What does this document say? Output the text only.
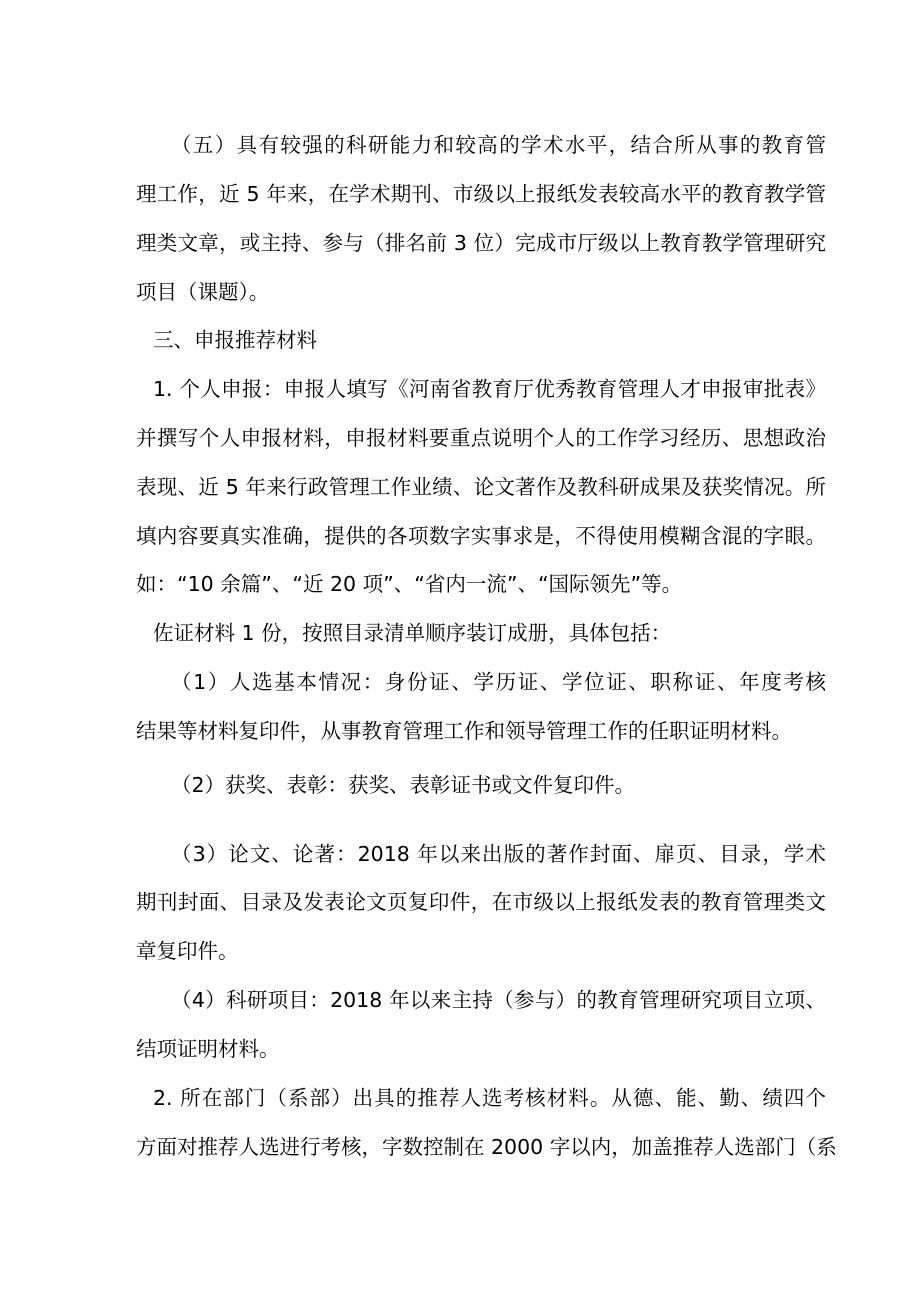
（五）具有较强的科研能力和较高的学术水平，结合所从事的教育管
理工作，近 5 年来，在学术期刊、市级以上报纸发表较高水平的教育教学管
理类文章，或主持、参与（排名前 3 位）完成市厅级以上教育教学管理研究
项目（课题）。
三、申报推荐材料
1. 个人申报：申报人填写《河南省教育厅优秀教育管理人才申报审批表》
并撰写个人申报材料，申报材料要重点说明个人的工作学习经历、思想政治
表现、近 5 年来行政管理工作业绩、论文著作及教科研成果及获奖情况。所
填内容要真实准确，提供的各项数字实事求是，不得使用模糊含混的字眼。
如：“10 余篇”、“近 20 项”、“省内一流”、“国际领先”等。
佐证材料 1 份，按照目录清单顺序装订成册，具体包括：
（1）人选基本情况：身份证、学历证、学位证、职称证、年度考核
结果等材料复印件，从事教育管理工作和领导管理工作的任职证明材料。
（2）获奖、表彰：获奖、表彰证书或文件复印件。
（3）论文、论著：2018 年以来出版的著作封面、扉页、目录，学术
期刊封面、目录及发表论文页复印件，在市级以上报纸发表的教育管理类文
章复印件。
（4）科研项目：2018 年以来主持（参与）的教育管理研究项目立项、
结项证明材料。
2. 所在部门（系部）出具的推荐人选考核材料。从德、能、勤、绩四个
方面对推荐人选进行考核，字数控制在 2000 字以内，加盖推荐人选部门（系
